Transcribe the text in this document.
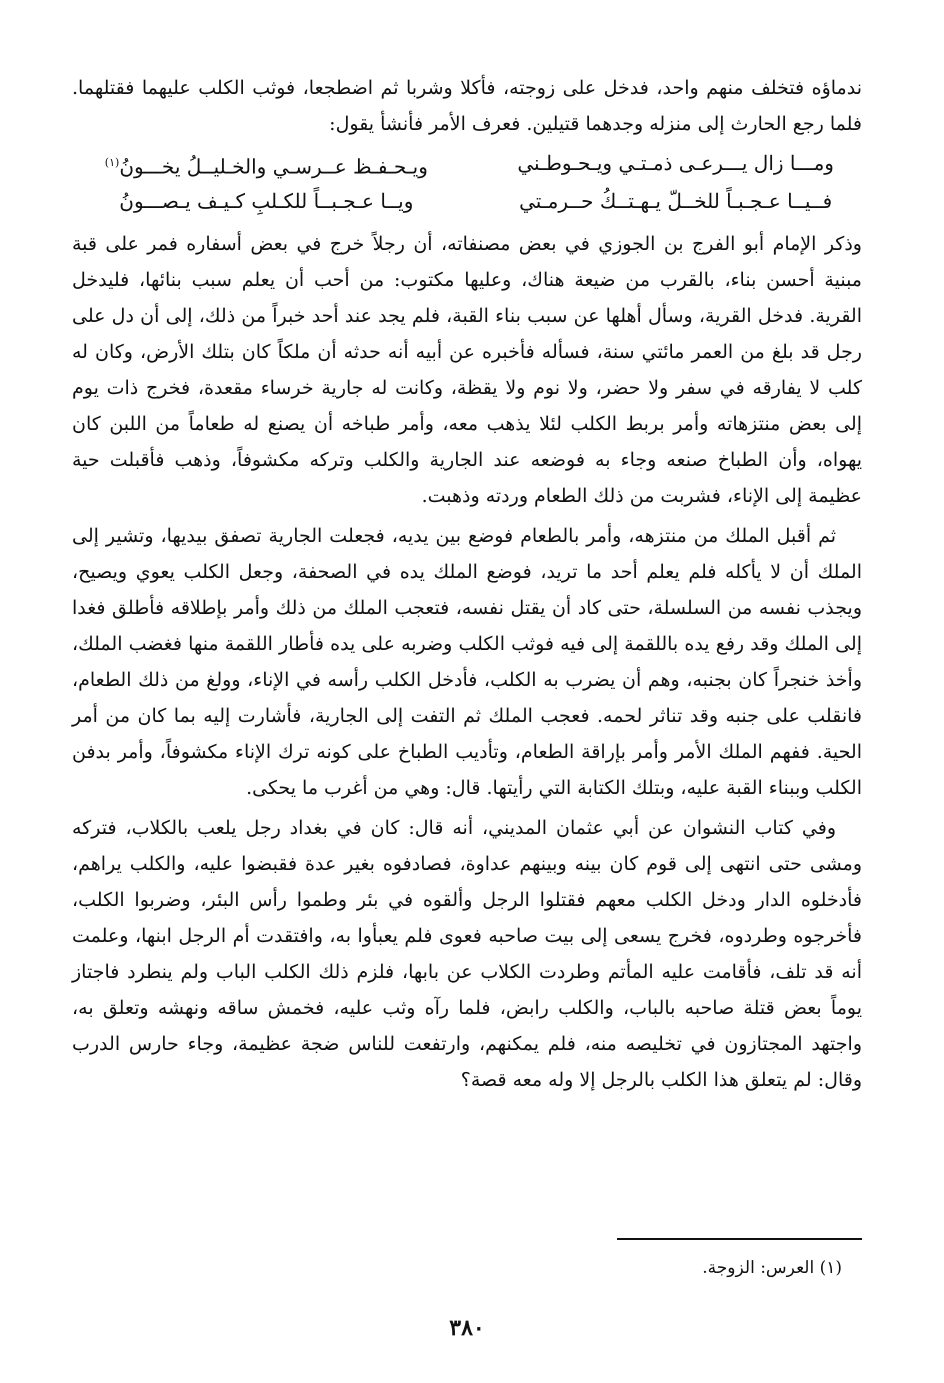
ندماؤه فتخلف منهم واحد، فدخل على زوجته، فأكلا وشربا ثم اضطجعا، فوثب الكلب عليهما فقتلهما. فلما رجع الحارث إلى منزله وجدهما قتيلين. فعرف الأمر فأنشأ يقول:

ومـــا زال يـــرعـى ذمـتـي ويـحـوطـني
ويـحـفـظ عــرسـي والخـليــلُ يخـــونُ$^{(١)}$
فــيــا عـجـبـاً للخــلّ يـهـتــكُ حــرمـتي
ويــا عـجـبــاً للكـلبِ كـيـف يـصـــونُ

وذكر الإمام أبو الفرج بن الجوزي في بعض مصنفاته، أن رجلاً خرج في بعض أسفاره فمر على قبة مبنية أحسن بناء، بالقرب من ضيعة هناك، وعليها مكتوب: من أحب أن يعلم سبب بنائها، فليدخل القرية. فدخل القرية، وسأل أهلها عن سبب بناء القبة، فلم يجد عند أحد خبراً من ذلك، إلى أن دل على رجل قد بلغ من العمر مائتي سنة، فسأله فأخبره عن أبيه أنه حدثه أن ملكاً كان بتلك الأرض، وكان له كلب لا يفارقه في سفر ولا حضر، ولا نوم ولا يقظة، وكانت له جارية خرساء مقعدة، فخرج ذات يوم إلى بعض منتزهاته وأمر بربط الكلب لئلا يذهب معه، وأمر طباخه أن يصنع له طعاماً من اللبن كان يهواه، وأن الطباخ صنعه وجاء به فوضعه عند الجارية والكلب وتركه مكشوفاً، وذهب فأقبلت حية عظيمة إلى الإناء، فشربت من ذلك الطعام وردته وذهبت.

ثم أقبل الملك من منتزهه، وأمر بالطعام فوضع بين يديه، فجعلت الجارية تصفق بيديها، وتشير إلى الملك أن لا يأكله فلم يعلم أحد ما تريد، فوضع الملك يده في الصحفة، وجعل الكلب يعوي ويصيح، ويجذب نفسه من السلسلة، حتى كاد أن يقتل نفسه، فتعجب الملك من ذلك وأمر بإطلاقه فأطلق فغدا إلى الملك وقد رفع يده باللقمة إلى فيه فوثب الكلب وضربه على يده فأطار اللقمة منها فغضب الملك، وأخذ خنجراً كان بجنبه، وهم أن يضرب به الكلب، فأدخل الكلب رأسه في الإناء، وولغ من ذلك الطعام، فانقلب على جنبه وقد تناثر لحمه. فعجب الملك ثم التفت إلى الجارية، فأشارت إليه بما كان من أمر الحية. ففهم الملك الأمر وأمر بإراقة الطعام، وتأديب الطباخ على كونه ترك الإناء مكشوفاً، وأمر بدفن الكلب وببناء القبة عليه، وبتلك الكتابة التي رأيتها. قال: وهي من أغرب ما يحكى.

وفي كتاب النشوان عن أبي عثمان المديني، أنه قال: كان في بغداد رجل يلعب بالكلاب، فتركه ومشى حتى انتهى إلى قوم كان بينه وبينهم عداوة، فصادفوه بغير عدة فقبضوا عليه، والكلب يراهم، فأدخلوه الدار ودخل الكلب معهم فقتلوا الرجل وألقوه في بئر وطموا رأس البئر، وضربوا الكلب، فأخرجوه وطردوه، فخرج يسعى إلى بيت صاحبه فعوى فلم يعبأوا به، وافتقدت أم الرجل ابنها، وعلمت أنه قد تلف، فأقامت عليه المأتم وطردت الكلاب عن بابها، فلزم ذلك الكلب الباب ولم ينطرد فاجتاز يوماً بعض قتلة صاحبه بالباب، والكلب رابض، فلما رآه وثب عليه، فخمش ساقه ونهشه وتعلق به، واجتهد المجتازون في تخليصه منه، فلم يمكنهم، وارتفعت للناس ضجة عظيمة، وجاء حارس الدرب وقال: لم يتعلق هذا الكلب بالرجل إلا وله معه قصة؟

(١) العرس: الزوجة.
٣٨٠
